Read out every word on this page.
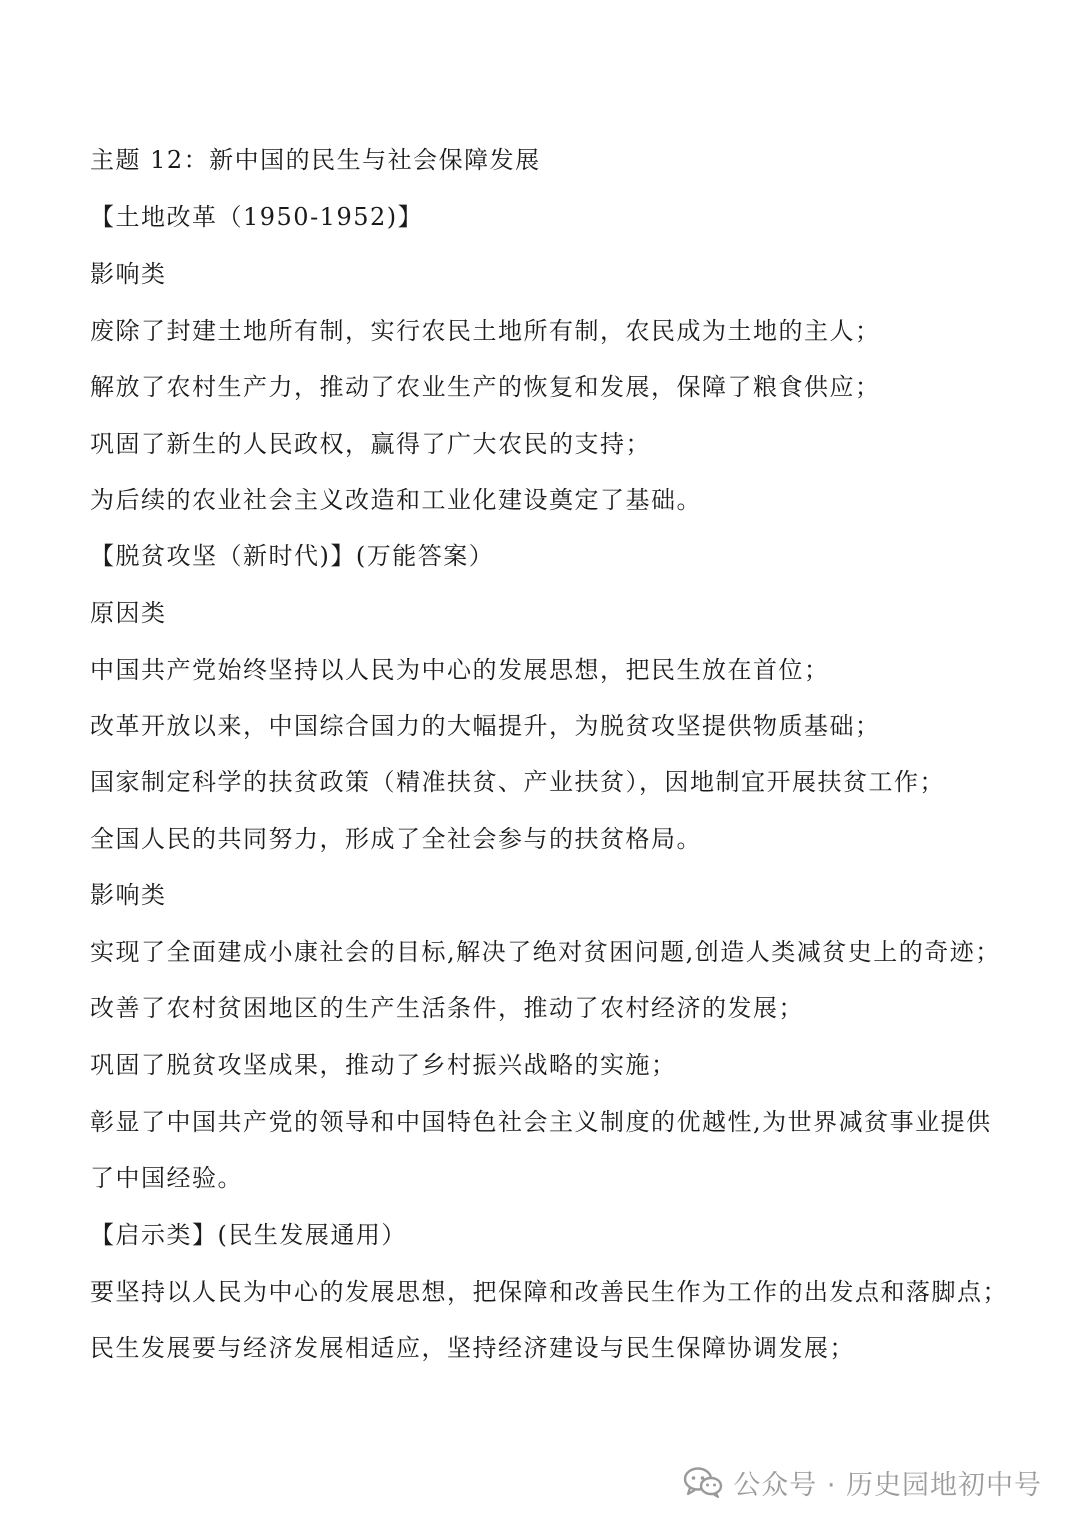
主题 12：新中国的民生与社会保障发展
【土地改革（1950-1952)】
影响类
废除了封建土地所有制，实行农民土地所有制，农民成为土地的主人；
解放了农村生产力，推动了农业生产的恢复和发展，保障了粮食供应；
巩固了新生的人民政权，赢得了广大农民的支持；
为后续的农业社会主义改造和工业化建设奠定了基础。
【脱贫攻坚（新时代)】(万能答案）
原因类
中国共产党始终坚持以人民为中心的发展思想，把民生放在首位；
改革开放以来，中国综合国力的大幅提升，为脱贫攻坚提供物质基础；
国家制定科学的扶贫政策（精准扶贫、产业扶贫），因地制宜开展扶贫工作；
全国人民的共同努力，形成了全社会参与的扶贫格局。
影响类
实现了全面建成小康社会的目标,解决了绝对贫困问题,创造人类减贫史上的奇迹；
改善了农村贫困地区的生产生活条件，推动了农村经济的发展；
巩固了脱贫攻坚成果，推动了乡村振兴战略的实施；
彰显了中国共产党的领导和中国特色社会主义制度的优越性,为世界减贫事业提供
了中国经验。
【启示类】(民生发展通用）
要坚持以人民为中心的发展思想，把保障和改善民生作为工作的出发点和落脚点；
民生发展要与经济发展相适应，坚持经济建设与民生保障协调发展；
公众号 · 历史园地初中号
